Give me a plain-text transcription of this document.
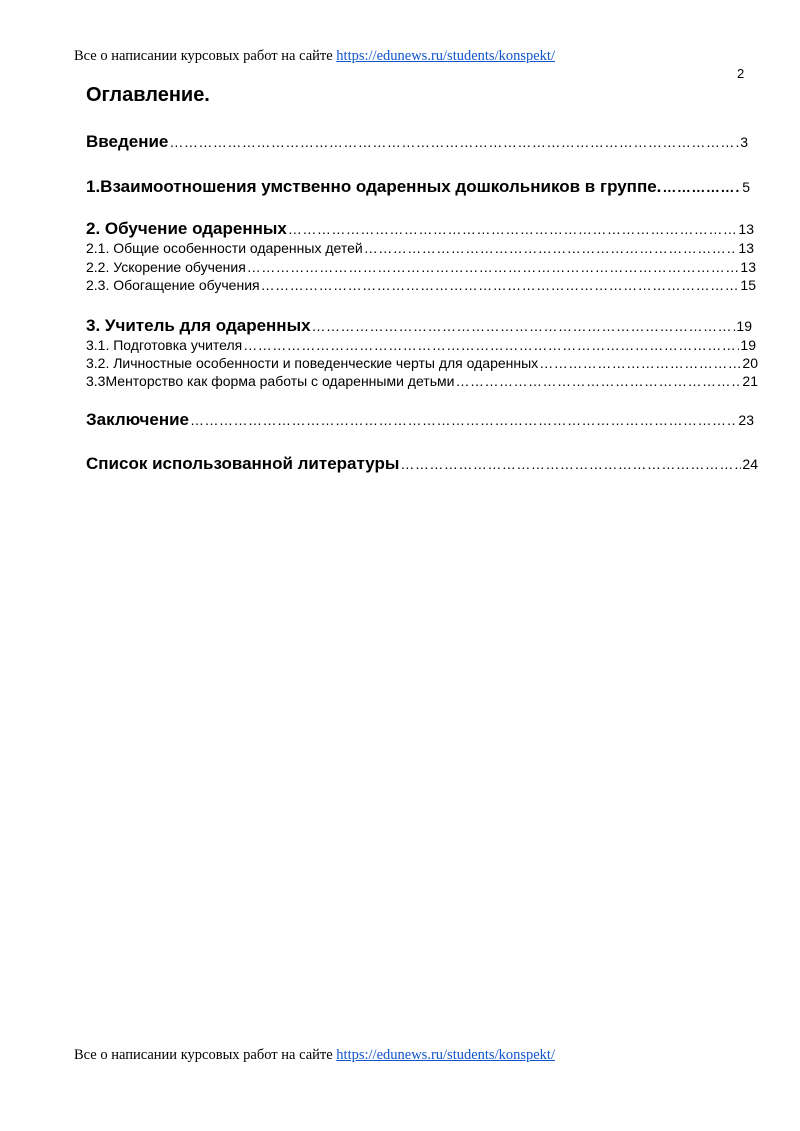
Все о написании курсовых работ на сайте https://edunews.ru/students/konspekt/
2
Оглавление.
Введение …………………………………………………………………………………………………………………………………………………………………………………………………	3
1.Взаимоотношения умственно одаренных дошкольников в группе. …………………………………………………………………………………………………………………………………………………………………………………………………	5
2. Обучение одаренных …………………………………………………………………………………………………………………………………………………………………………………………………	13
2.1. Общие особенности одаренных детей …………………………………………………………………………………………………………………………………………………………………………………………………	13
2.2. Ускорение обучения …………………………………………………………………………………………………………………………………………………………………………………………………	13
2.3. Обогащение обучения …………………………………………………………………………………………………………………………………………………………………………………………………	15
3. Учитель для одаренных …………………………………………………………………………………………………………………………………………………………………………………………………	19
3.1. Подготовка учителя …………………………………………………………………………………………………………………………………………………………………………………………………	19
3.2. Личностные особенности и поведенческие черты для одаренных …………………………………………………………………………………………………………………………………………………………………………………………………	20
3.3Менторство как форма работы с одаренными детьми …………………………………………………………………………………………………………………………………………………………………………………………………	21
Заключение …………………………………………………………………………………………………………………………………………………………………………………………………	23
Список использованной литературы …………………………………………………………………………………………………………………………………………………………………………………………………	24
Все о написании курсовых работ на сайте https://edunews.ru/students/konspekt/
